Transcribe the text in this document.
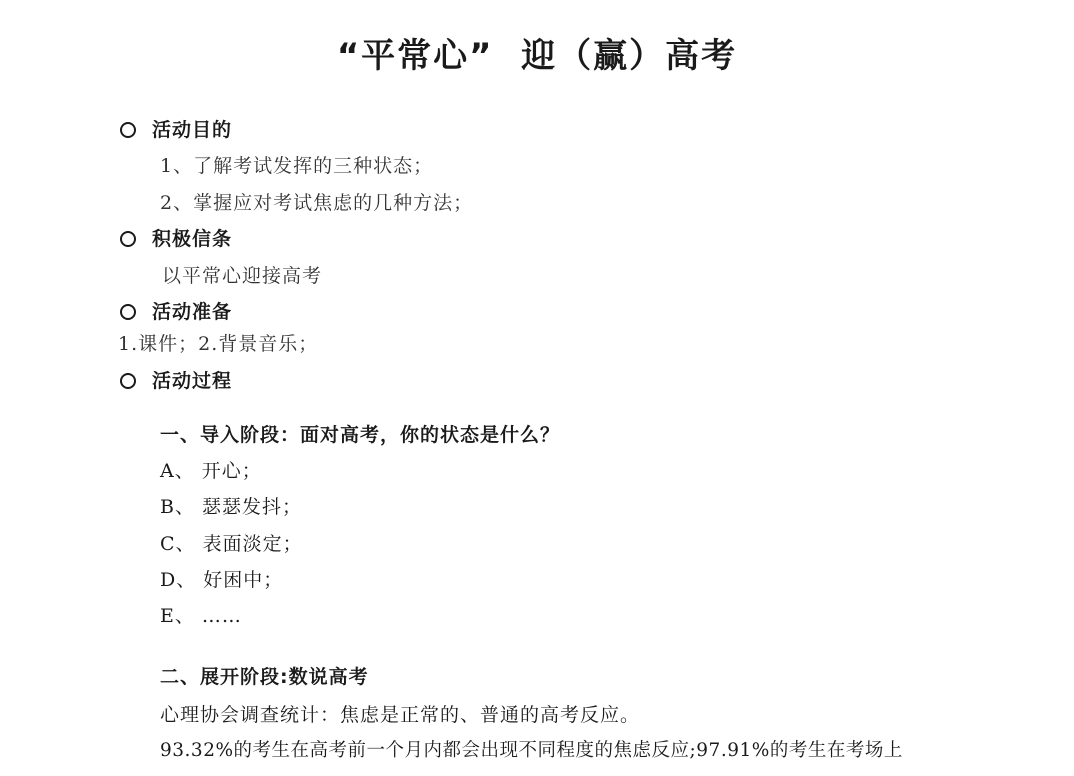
“平常心”  迎（赢）高考
活动目的
1、了解考试发挥的三种状态；
2、掌握应对考试焦虑的几种方法；
积极信条
以平常心迎接高考
活动准备
1.课件；2.背景音乐；
活动过程
一、导入阶段：面对高考，你的状态是什么？
A、 开心；
B、 瑟瑟发抖；
C、 表面淡定；
D、 好困中；
E、 ……
二、展开阶段:数说高考
心理协会调查统计：焦虑是正常的、普通的高考反应。
93.32%的考生在高考前一个月内都会出现不同程度的焦虑反应;97.91%的考生在考场上
